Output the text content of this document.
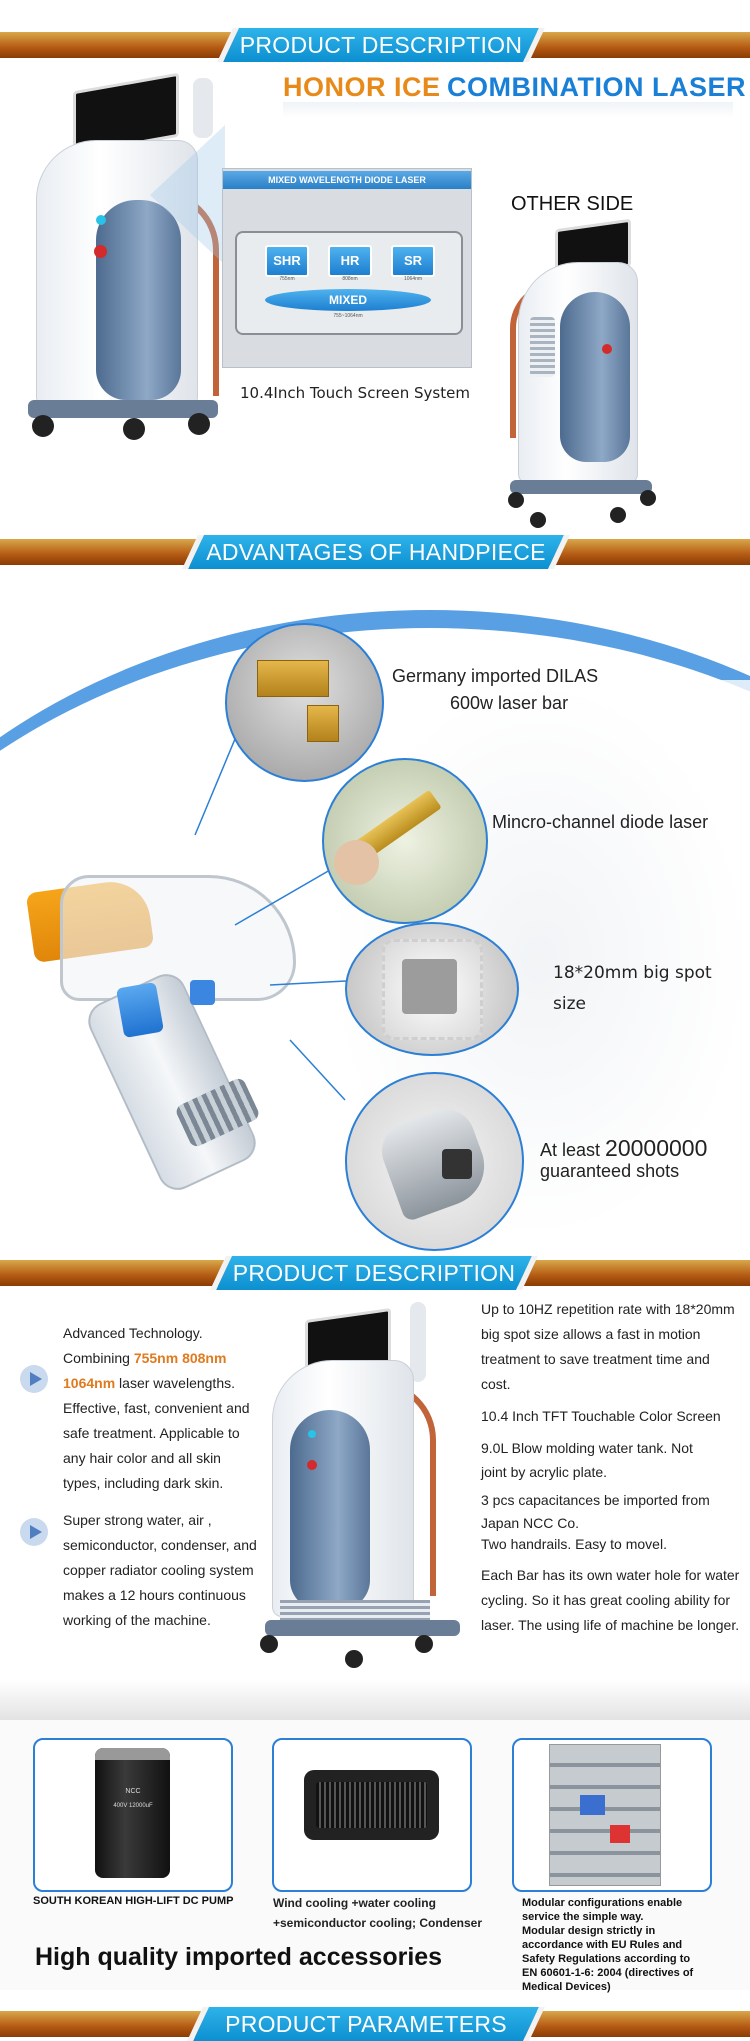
PRODUCT DESCRIPTION
HONOR ICE COMBINATION LASER
MIXED WAVELENGTH DIODE LASER
SHR	HR	SR
755nm	808nm	1064nm
MIXED
755~1064nm
10.4Inch Touch Screen System
OTHER SIDE
ADVANTAGES OF HANDPIECE
Germany imported DILAS
600w laser bar
Mincro-channel diode laser
18*20mm big spot
size
At least 20000000
guaranteed shots
PRODUCT DESCRIPTION
Advanced Technology.
Combining 755nm 808nm
1064nm laser wavelengths.
Effective, fast, convenient and
safe treatment. Applicable to
any hair color and all skin
types, including dark skin.
Super strong water, air ,
semiconductor, condenser, and
copper radiator cooling system
makes a 12 hours continuous
working of the machine.
Up to 10HZ repetition rate with 18*20mm
big spot size allows a fast in motion
treatment to save treatment time and
cost.
10.4 Inch TFT Touchable Color Screen
9.0L Blow molding water tank. Not
joint by acrylic plate.
3 pcs capacitances be imported from
Japan NCC Co.
Two handrails. Easy to movel.
Each Bar has its own water hole for water
cycling. So it has great cooling ability for
laser. The using life of machine be longer.
NCC
400V 12000uF
SOUTH KOREAN HIGH-LIFT DC PUMP	Wind cooling +water cooling
+semiconductor cooling; Condenser
Modular configurations enable
service the simple way.
Modular design strictly in
accordance with EU Rules and
Safety Regulations according to
EN 60601-1-6: 2004 (directives of
Medical Devices)
High quality imported accessories
PRODUCT PARAMETERS
